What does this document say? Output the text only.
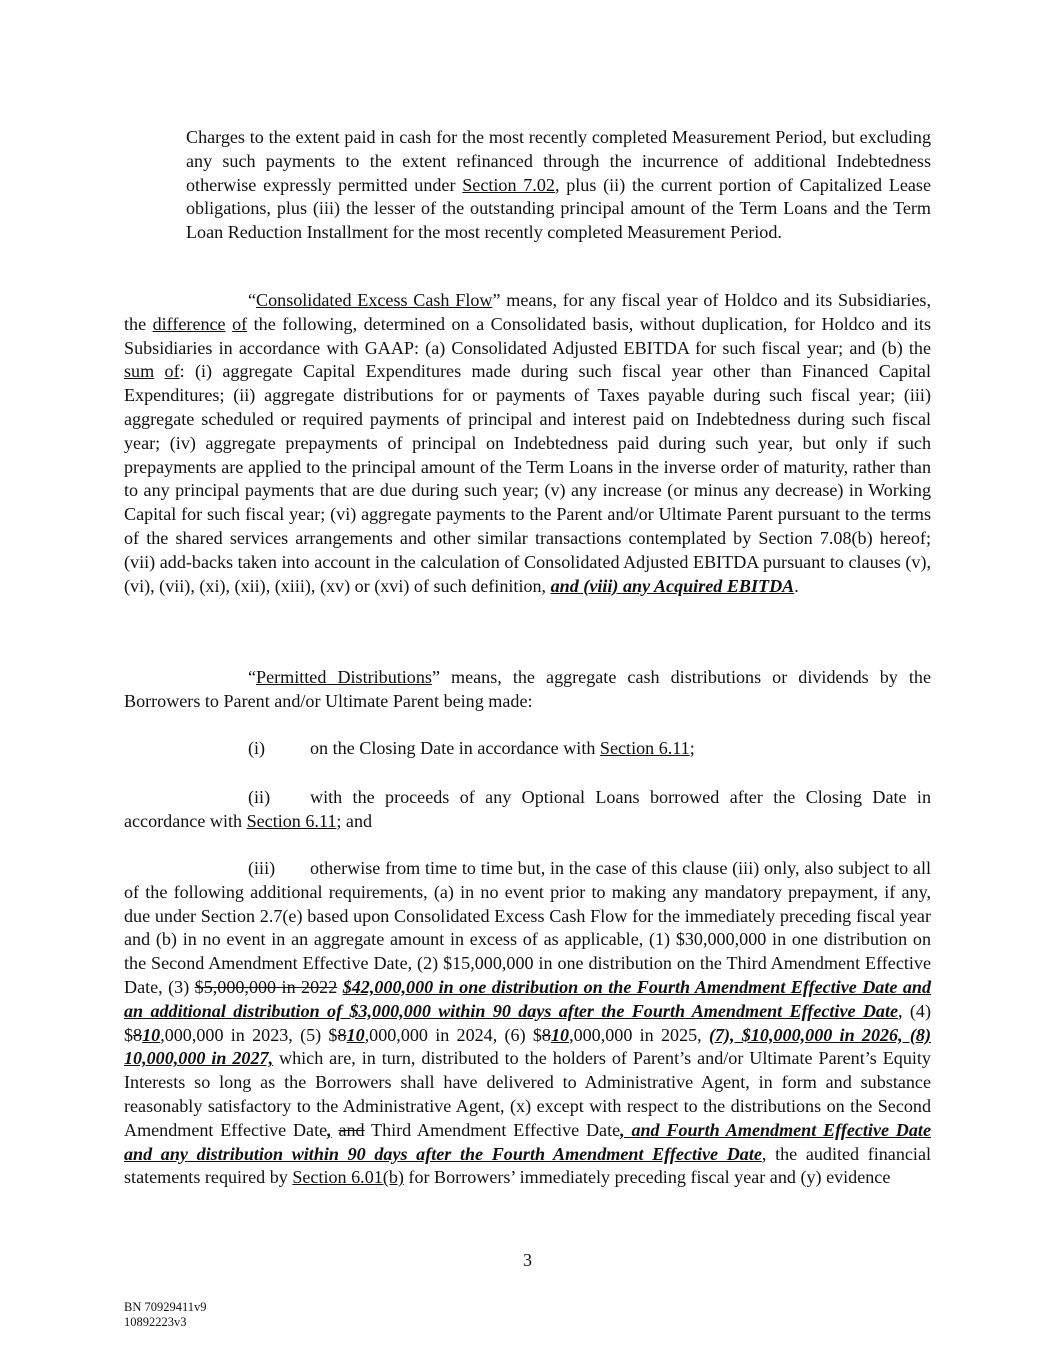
Charges to the extent paid in cash for the most recently completed Measurement Period, but excluding any such payments to the extent refinanced through the incurrence of additional Indebtedness otherwise expressly permitted under Section 7.02, plus (ii) the current portion of Capitalized Lease obligations, plus (iii) the lesser of the outstanding principal amount of the Term Loans and the Term Loan Reduction Installment for the most recently completed Measurement Period.

“Consolidated Excess Cash Flow” means, for any fiscal year of Holdco and its Subsidiaries, the difference of the following, determined on a Consolidated basis, without duplication, for Holdco and its Subsidiaries in accordance with GAAP: (a) Consolidated Adjusted EBITDA for such fiscal year; and (b) the sum of: (i) aggregate Capital Expenditures made during such fiscal year other than Financed Capital Expenditures; (ii) aggregate distributions for or payments of Taxes payable during such fiscal year; (iii) aggregate scheduled or required payments of principal and interest paid on Indebtedness during such fiscal year; (iv) aggregate prepayments of principal on Indebtedness paid during such year, but only if such prepayments are applied to the principal amount of the Term Loans in the inverse order of maturity, rather than to any principal payments that are due during such year; (v) any increase (or minus any decrease) in Working Capital for such fiscal year; (vi) aggregate payments to the Parent and/or Ultimate Parent pursuant to the terms of the shared services arrangements and other similar transactions contemplated by Section 7.08(b) hereof; (vii) add-backs taken into account in the calculation of Consolidated Adjusted EBITDA pursuant to clauses (v), (vi), (vii), (xi), (xii), (xiii), (xv) or (xvi) of such definition, and (viii) any Acquired EBITDA.

“Permitted Distributions” means, the aggregate cash distributions or dividends by the Borrowers to Parent and/or Ultimate Parent being made:

(i) on the Closing Date in accordance with Section 6.11;

(ii) with the proceeds of any Optional Loans borrowed after the Closing Date in accordance with Section 6.11; and

(iii) otherwise from time to time but, in the case of this clause (iii) only, also subject to all of the following additional requirements, (a) in no event prior to making any mandatory prepayment, if any, due under Section 2.7(e) based upon Consolidated Excess Cash Flow for the immediately preceding fiscal year and (b) in no event in an aggregate amount in excess of as applicable, (1) $30,000,000 in one distribution on the Second Amendment Effective Date, (2) $15,000,000 in one distribution on the Third Amendment Effective Date, (3) $5,000,000 in 2022 $42,000,000 in one distribution on the Fourth Amendment Effective Date and an additional distribution of $3,000,000 within 90 days after the Fourth Amendment Effective Date, (4) $810,000,000 in 2023, (5) $810,000,000 in 2024, (6) $810,000,000 in 2025, (7), $10,000,000 in 2026, (8) 10,000,000 in 2027, which are, in turn, distributed to the holders of Parent’s and/or Ultimate Parent’s Equity Interests so long as the Borrowers shall have delivered to Administrative Agent, in form and substance reasonably satisfactory to the Administrative Agent, (x) except with respect to the distributions on the Second Amendment Effective Date, and Third Amendment Effective Date, and Fourth Amendment Effective Date and any distribution within 90 days after the Fourth Amendment Effective Date, the audited financial statements required by Section 6.01(b) for Borrowers’ immediately preceding fiscal year and (y) evidence

3
BN 70929411v9
10892223v3
